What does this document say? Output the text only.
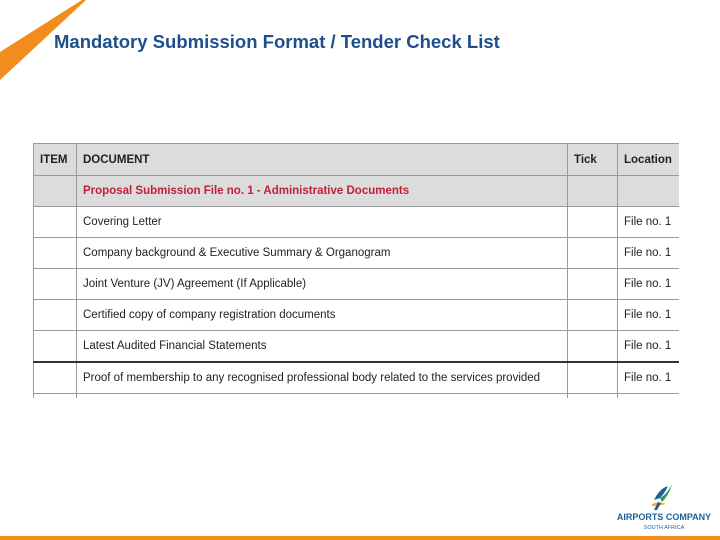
Mandatory Submission Format / Tender Check List
ITEM	DOCUMENT	Tick	Location
	Proposal Submission File no. 1 - Administrative Documents		
	Covering Letter		File no. 1
	Company background & Executive Summary & Organogram		File no. 1
	Joint Venture (JV) Agreement (If Applicable)		File no. 1
	Certified copy of company registration documents		File no. 1
	Latest Audited Financial Statements		File no. 1
	Proof of membership to any recognised professional body related to the services provided		File no. 1

AIRPORTS COMPANY
SOUTH AFRICA
